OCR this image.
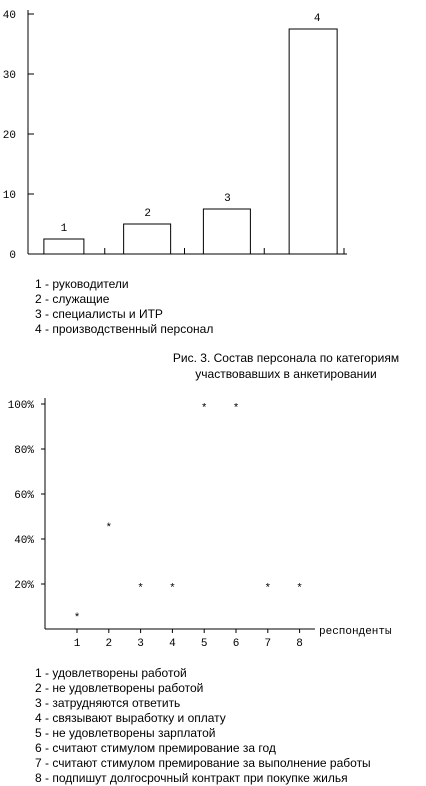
0
10
20
30
40
1
2
3
4
1 - руководители
2 - служащие
3 - специалисты и ИТР
4 - производственный персонал
Рис. 3. Состав персонала по категориям
участвовавших в анкетировании
20%
40%
60%
80%
100%
1 2 3 4 5 6 7 8
респонденты
*
*
* *
* *
* *
1 - удовлетворены работой
2 - не удовлетворены работой
3 - затрудняются ответить
4 - связывают выработку и оплату
5 - не удовлетворены зарплатой
6 - считают стимулом премирование за год
7 - считают стимулом премирование за выполнение работы
8 - подпишут долгосрочный контракт при покупке жилья
